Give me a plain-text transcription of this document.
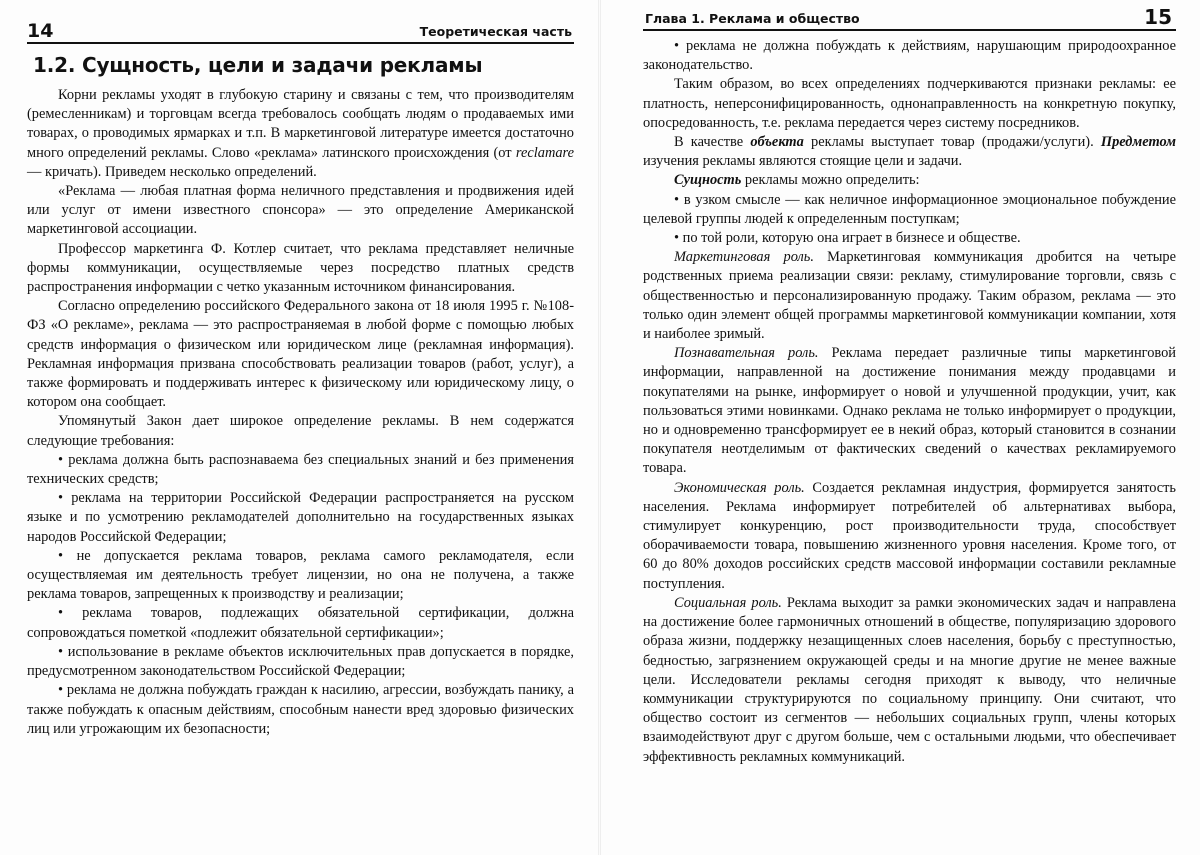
14	Теоретическая часть
1.2. Сущность, цели и задачи рекламы

Корни рекламы уходят в глубокую старину и связаны с тем, что производителям (ремесленникам) и торговцам всегда требовалось сообщать людям о продаваемых ими товарах, о проводимых ярмарках и т.п. В маркетинговой литературе имеется достаточно много определений рекламы. Слово «реклама» латинского происхождения (от reclamare — кричать). Приведем несколько определений.

«Реклама — любая платная форма неличного представления и продвижения идей или услуг от имени известного спонсора» — это определение Американской маркетинговой ассоциации.

Профессор маркетинга Ф. Котлер считает, что реклама представляет неличные формы коммуникации, осуществляемые через посредство платных средств распространения информации с четко указанным источником финансирования.

Согласно определению российского Федерального закона от 18 июля 1995 г. №108-ФЗ «О рекламе», реклама — это распространяемая в любой форме с помощью любых средств информация о физическом или юридическом лице (рекламная информация). Рекламная информация призвана способствовать реализации товаров (работ, услуг), а также формировать и поддерживать интерес к физическому или юридическому лицу, о котором она сообщает.

Упомянутый Закон дает широкое определение рекламы. В нем содержатся следующие требования:

• реклама должна быть распознаваема без специальных знаний и без применения технических средств;

• реклама на территории Российской Федерации распространяется на русском языке и по усмотрению рекламодателей дополнительно на государственных языках народов Российской Федерации;

• не допускается реклама товаров, реклама самого рекламодателя, если осуществляемая им деятельность требует лицензии, но она не получена, а также реклама товаров, запрещенных к производству и реализации;

• реклама товаров, подлежащих обязательной сертификации, должна сопровождаться пометкой «подлежит обязательной сертификации»;

• использование в рекламе объектов исключительных прав допускается в порядке, предусмотренном законодательством Российской Федерации;

• реклама не должна побуждать граждан к насилию, агрессии, возбуждать панику, а также побуждать к опасным действиям, способным нанести вред здоровью физических лиц или угрожающим их безопасности;

Глава 1. Реклама и общество	15

• реклама не должна побуждать к действиям, нарушающим природоохранное законодательство.

Таким образом, во всех определениях подчеркиваются признаки рекламы: ее платность, неперсонифицированность, однонаправленность на конкретную покупку, опосредованность, т.е. реклама передается через систему посредников.

В качестве объекта рекламы выступает товар (продажи/услуги). Предметом изучения рекламы являются стоящие цели и задачи.

Сущность рекламы можно определить:

• в узком смысле — как неличное информационное эмоциональное побуждение целевой группы людей к определенным поступкам;

• по той роли, которую она играет в бизнесе и обществе.

Маркетинговая роль. Маркетинговая коммуникация дробится на четыре родственных приема реализации связи: рекламу, стимулирование торговли, связь с общественностью и персонализированную продажу. Таким образом, реклама — это только один элемент общей программы маркетинговой коммуникации компании, хотя и наиболее зримый.

Познавательная роль. Реклама передает различные типы маркетинговой информации, направленной на достижение понимания между продавцами и покупателями на рынке, информирует о новой и улучшенной продукции, учит, как пользоваться этими новинками. Однако реклама не только информирует о продукции, но и одновременно трансформирует ее в некий образ, который становится в сознании покупателя неотделимым от фактических сведений о качествах рекламируемого товара.

Экономическая роль. Создается рекламная индустрия, формируется занятость населения. Реклама информирует потребителей об альтернативах выбора, стимулирует конкуренцию, рост производительности труда, способствует оборачиваемости товара, повышению жизненного уровня населения. Кроме того, от 60 до 80% доходов российских средств массовой информации составили рекламные поступления.

Социальная роль. Реклама выходит за рамки экономических задач и направлена на достижение более гармоничных отношений в обществе, популяризацию здорового образа жизни, поддержку незащищенных слоев населения, борьбу с преступностью, бедностью, загрязнением окружающей среды и на многие другие не менее важные цели. Исследователи рекламы сегодня приходят к выводу, что неличные коммуникации структурируются по социальному принципу. Они считают, что общество состоит из сегментов — небольших социальных групп, члены которых взаимодействуют друг с другом больше, чем с остальными людьми, что обеспечивает эффективность рекламных коммуникаций.
